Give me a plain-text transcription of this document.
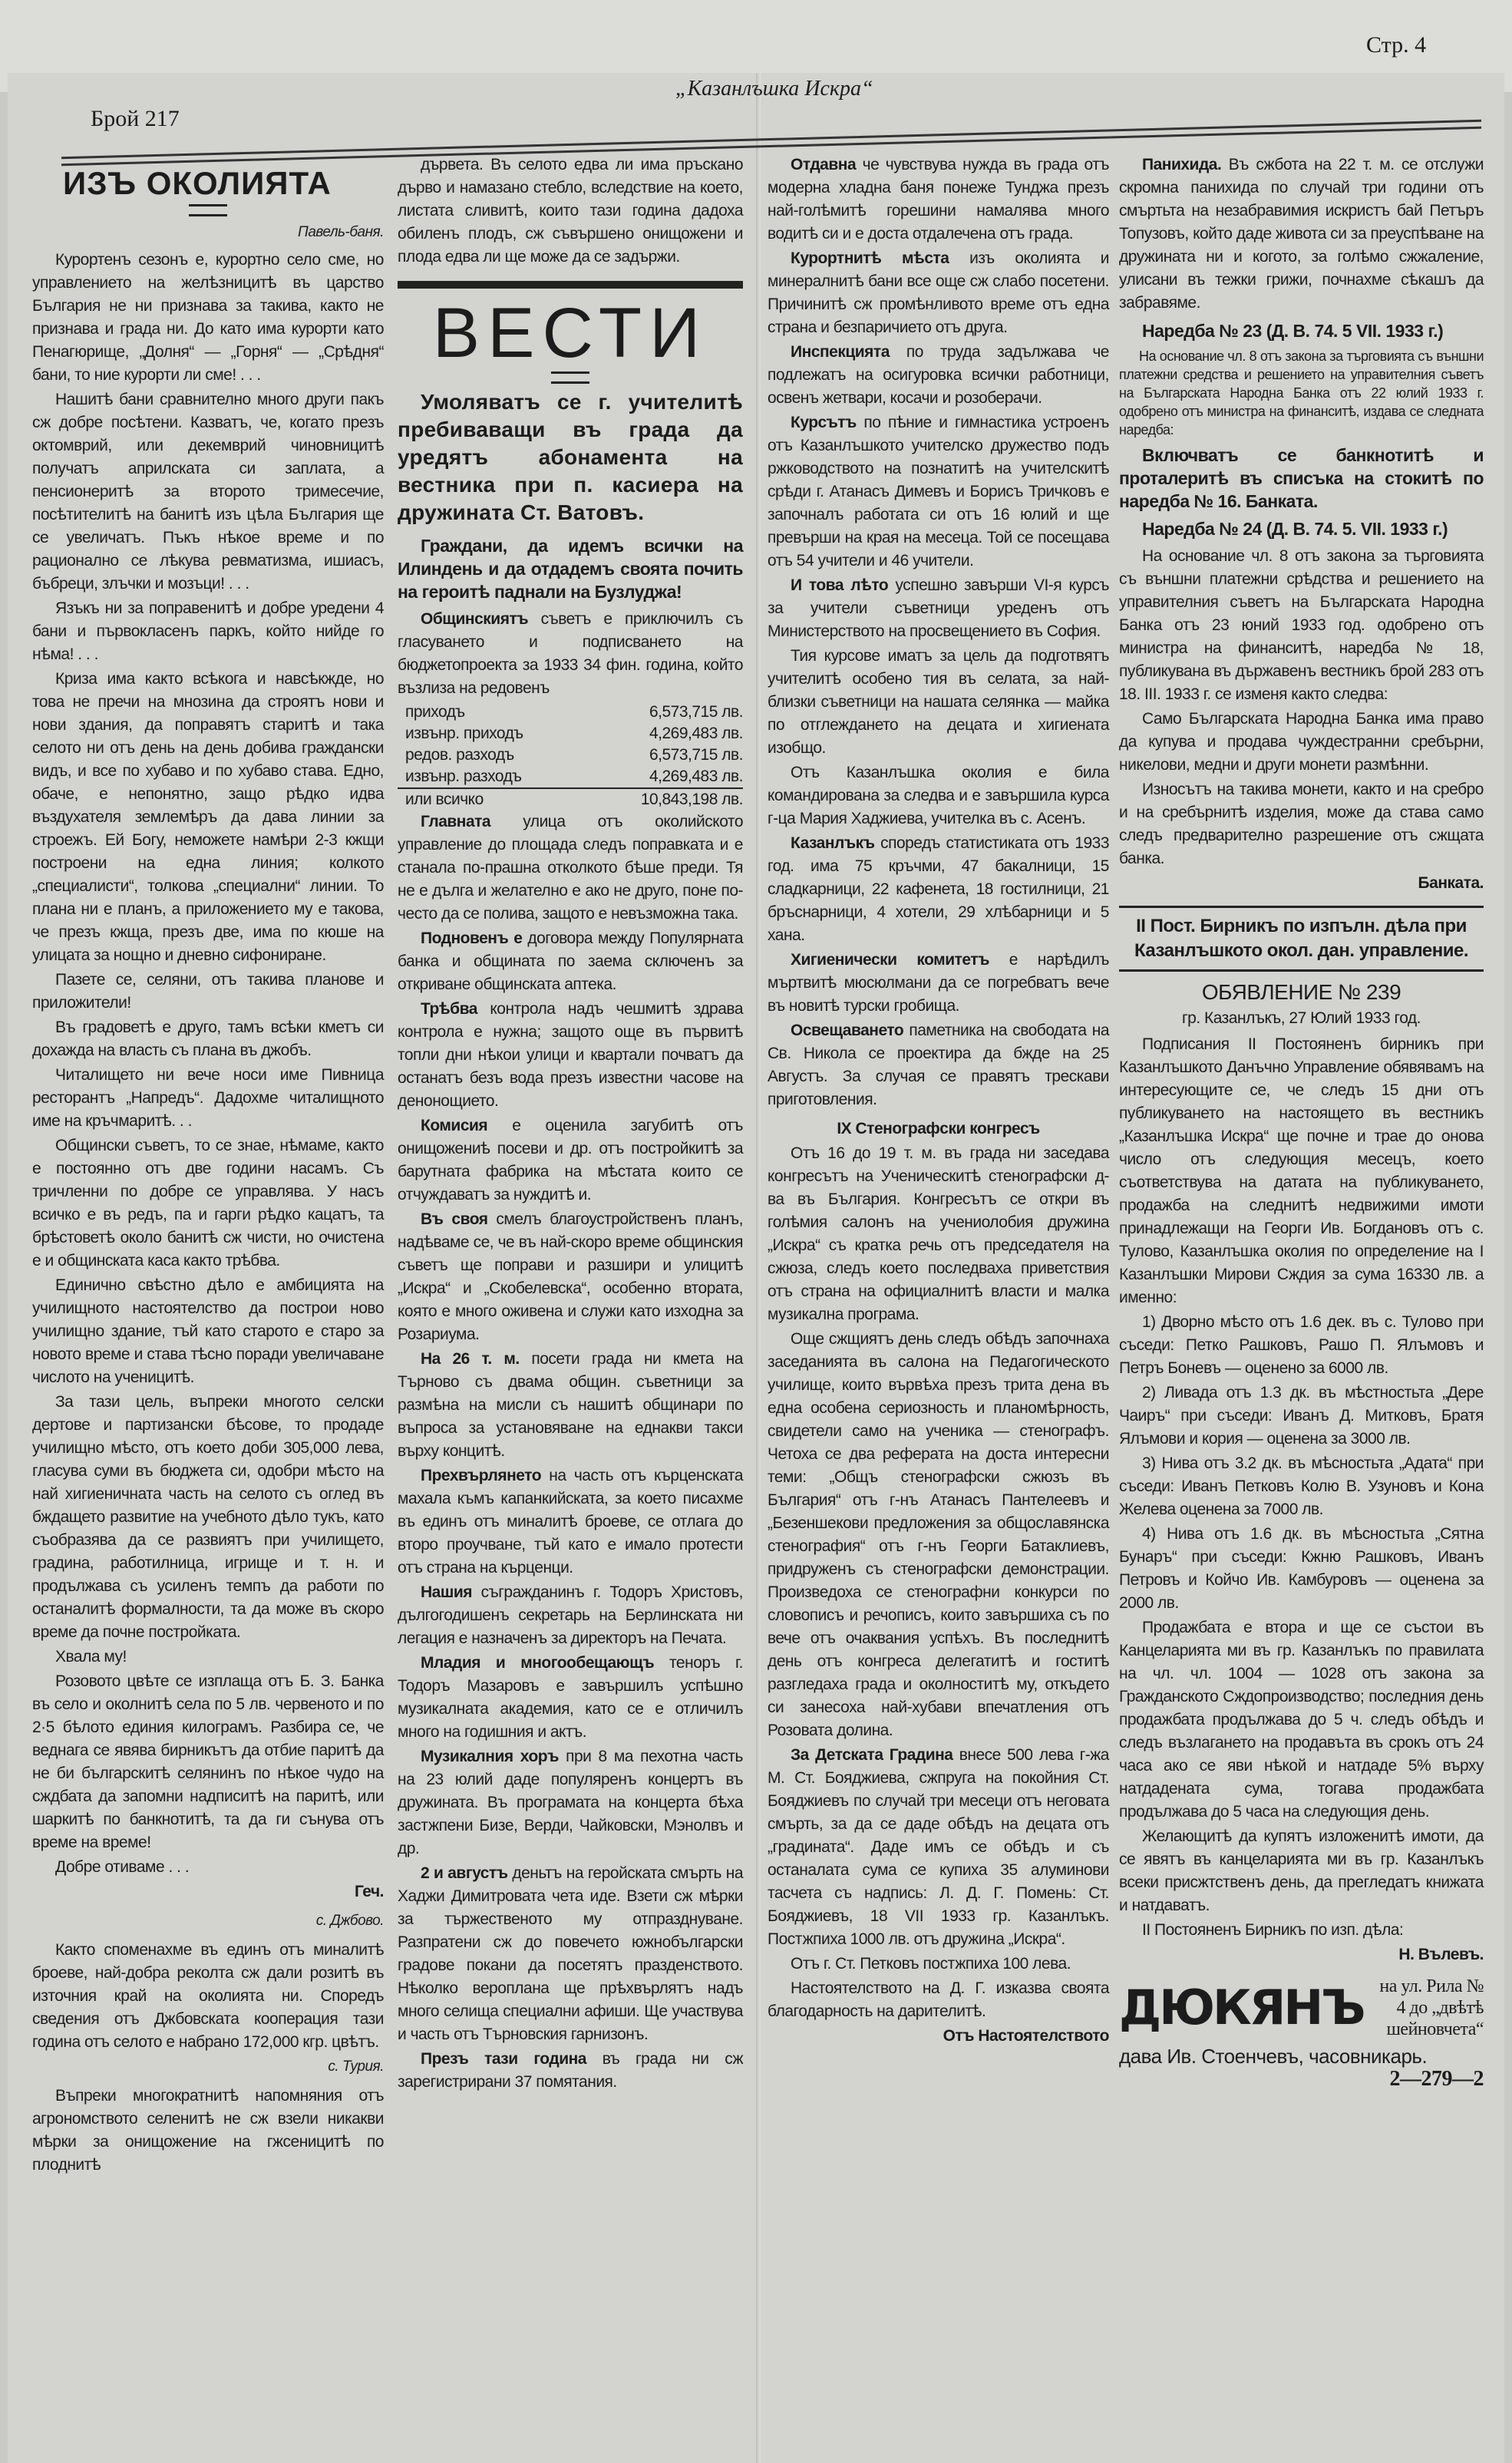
Брой 217
„Казанлъшка Искра“
Стр. 4
ИЗЪ ОКОЛИЯТА
Павель-баня.
Курортенъ сезонъ е, курортно село сме, но управлението на желѣзницитѣ въ царство България не ни признава за такива, както не признава и града ни. До като има курорти като Пенагюрище, „Долня“ — „Горня“ — „Срѣдня“ бани, то ние курорти ли сме! . . .
Нашитѣ бани сравнително много други пакъ сж добре посѣтени. Казватъ, че, когато презъ октомврий, или декемврий чиновницитѣ получатъ априлската си заплата, а пенсионеритѣ за второто тримесечие, посѣтителитѣ на банитѣ изъ цѣла България ще се увеличатъ. Пъкъ нѣкое време и по рационално се лѣкува ревматизма, ишиасъ, бъбреци, злъчки и мозъци! . . .
Язъкъ ни за поправенитѣ и добре уредени 4 бани и първокласенъ паркъ, който нийде го нѣма! . . .
Криза има както всѣкога и навсѣкжде, но това не пречи на мнозина да строятъ нови и нови здания, да поправятъ старитѣ и така селото ни отъ день на день добива граждански видъ, и все по хубаво и по хубаво става. Едно, обаче, е непонятно, защо рѣдко идва въздухателя землемѣръ да дава линии за строежъ. Ей Богу, неможете намѣри 2-3 кжщи построени на една линия; колкото „специалисти“, толкова „специални“ линии. То плана ни е планъ, а приложението му е такова, че презъ кжща, презъ две, има по кюше на улицата за нощно и дневно сифониране.
Пазете се, селяни, отъ такива планове и приложители!
Въ градоветѣ е друго, тамъ всѣки кметъ си дохажда на власть съ плана въ джобъ.
Читалището ни вече носи име Пивница ресторантъ „Напредъ“. Дадохме читалищното име на кръчмаритѣ. . .
Общински съветъ, то се знае, нѣмаме, както е постоянно отъ две години насамъ. Съ тричленни по добре се управлява. У насъ всичко е въ редъ, па и гарги рѣдко кацатъ, та брѣстоветѣ около банитѣ сж чисти, но очистена е и общинската каса както трѣбва.
Единично свѣстно дѣло е амбицията на училищното настоятелство да построи ново училищно здание, тъй като старото е старо за новото време и става тѣсно поради увеличаване числото на ученицитѣ.
За тази цель, въпреки многото селски дертове и партизански бѣсове, то продаде училищно мѣсто, отъ което доби 305,000 лева, гласува суми въ бюджета си, одобри мѣсто на най хигиеничната часть на селото съ оглед въ бждащето развитие на учебното дѣло тукъ, като съобразява да се развиятъ при училището, градина, работилница, игрище и т. н. и продължава съ усиленъ темпъ да работи по останалитѣ формалности, та да може въ скоро време да почне постройката.
Хвала му!
Розовото цвѣте се изплаща отъ Б. З. Банка въ село и околнитѣ села по 5 лв. червеното и по 2·5 бѣлото единия килограмъ. Разбира се, че веднага се явява бирникътъ да отбие паритѣ да не би българскитѣ селянинъ по нѣкое чудо на сждбата да запомни надписитѣ на паритѣ, или шаркитѣ по банкнотитѣ, та да ги сънува отъ време на време!
Добре отиваме . . .
Геч.
с. Джбово.
Както споменахме въ единъ отъ миналитѣ броеве, най-добра реколта сж дали розитѣ въ източния край на околията ни. Споредъ сведения отъ Джбовската кооперация тази година отъ селото е набрано 172,000 кгр. цвѣтъ.
с. Турия.
Въпреки многократнитѣ напомняния отъ агрономството селенитѣ не сж взели никакви мѣрки за онищожение на гжсеницитѣ по плоднитѣ
дървета. Въ селото едва ли има пръскано дърво и намазано стебло, вследствие на което, листата сливитѣ, които тази година дадоха обиленъ плодъ, сж съвършено онищожени и плода едва ли ще може да се задържи.
ВЕСТИ
Умоляватъ се г. учителитѣ пребиваващи въ града да уредятъ абонамента на вестника при п. касиера на дружината Ст. Ватовъ.
Граждани, да идемъ всички на Илиндень и да отдадемъ своята почить на героитѣ паднали на Бузлуджа!
Общинскиятъ съветъ е приключилъ съ гласуването и подписването на бюджетопроекта за 1933 34 фин. година, който възлиза на редовенъ
приходъ	6,573,715 лв.
извънр. приходъ	4,269,483 лв.
редов. разходъ	6,573,715 лв.
извънр. разходъ	4,269,483 лв.
или всичко	10,843,198 лв.
Главната улица отъ околийското управление до площада следъ поправката и е станала по-прашна отколкото бѣше преди. Тя не е дълга и желателно е ако не друго, поне по-често да се полива, защото е невъзможна така.
Подновенъ е договора между Популярната банка и общината по заема сключенъ за откриване общинската аптека.
Трѣбва контрола надъ чешмитѣ здрава контрола е нужна; защото още въ първитѣ топли дни нѣкои улици и квартали почватъ да останатъ безъ вода презъ известни часове на денонощието.
Комисия е оценила загубитѣ отъ онищожениѣ посеви и др. отъ постройкитѣ за барутната фабрика на мѣстата които се отчуждаватъ за нуждитѣ и.
Въ своя смелъ благоустройственъ планъ, надѣваме се, че въ най-скоро време общинския съветъ ще поправи и разшири и улицитѣ „Искра“ и „Скобелевска“, особенно втората, която е много оживена и служи като изходна за Розариума.
На 26 т. м. посети града ни кмета на Търново съ двама общин. съветници за размѣна на мисли съ нашитѣ общинари по въпроса за установяване на еднакви такси върху концитѣ.
Прехвърлянето на часть отъ кърценската махала къмъ капанкийската, за което писахме въ единъ отъ миналитѣ броеве, се отлага до второ проучване, тъй като е имало протести отъ страна на кърценци.
Нашия съгражданинъ г. Тодоръ Христовъ, дългогодишенъ секретарь на Берлинската ни легация е назначенъ за директоръ на Печата.
Младия и многообещающъ теноръ г. Тодоръ Мазаровъ е завършилъ успѣшно музикалната академия, като се е отличилъ много на годишния и актъ.
Музикалния хоръ при 8 ма пехотна часть на 23 юлий даде популяренъ концертъ въ дружината. Въ програмата на концерта бѣха застжпени Бизе, Верди, Чайковски, Мэнолвъ и др.
2 и августъ деньтъ на геройската смърть на Хаджи Димитровата чета иде. Взети сж мѣрки за тържественото му отпразднуване. Разпратени сж до повечето южнобългарски градове покани да посетятъ празденството. Нѣколко вероплана ще прѣхвърлятъ надъ много селища специални афиши. Ще участвува и часть отъ Търновския гарнизонъ.
Презъ тази година въ града ни сж зарегистрирани 37 помятания.
Отдавна че чувствува нужда въ града отъ модерна хладна баня понеже Тунджа презъ най-голѣмитѣ горешини намалява много водитѣ си и е доста отдалечена отъ града.
Курортнитѣ мѣста изъ околията и минералнитѣ бани все още сж слабо посетени. Причинитѣ сж промѣнливото време отъ една страна и безпаричието отъ друга.
Инспекцията по труда задължава че подлежатъ на осигуровка всички работници, освенъ жетвари, косачи и розоберачи.
Курсътъ по пѣние и гимнастика устроенъ отъ Казанлъшкото учителско дружество подъ ржководството на познатитѣ на учителскитѣ срѣди г. Атанасъ Димевъ и Борисъ Тричковъ е започналъ работата си отъ 16 юлий и ще превърши на края на месеца. Той се посещава отъ 54 учители и 46 учители.
И това лѣто успешно завърши VI-я курсъ за учители съветници уреденъ отъ Министерството на просвещението въ София.
Тия курсове иматъ за цель да подготвятъ учителитѣ особено тия въ селата, за най-близки съветници на нашата селянка — майка по отглеждането на децата и хигиената изобщо.
Отъ Казанлъшка околия е била командирована за следва и е завършила курса г-ца Мария Хаджиева, учителка въ с. Асенъ.
Казанлъкъ споредъ статистиката отъ 1933 год. има 75 кръчми, 47 бакалници, 15 сладкарници, 22 кафенета, 18 гостилници, 21 бръснарници, 4 хотели, 29 хлѣбарници и 5 хана.
Хигиенически комитетъ е нарѣдилъ мъртвитѣ мюсюлмани да се погребватъ вече въ новитѣ турски гробища.
Освещаването паметника на свободата на Св. Никола се проектира да бжде на 25 Августъ. За случая се правятъ трескави приготовления.
IX Стенографски конгресъ
Отъ 16 до 19 т. м. въ града ни заседава конгресътъ на Ученическитѣ стенографски д-ва въ България. Конгресътъ се откри въ голѣмия салонъ на учениолобия дружина „Искра“ съ кратка речь отъ председателя на сжюза, следъ което последваха приветствия отъ страна на официалнитѣ власти и малка музикална програма.
Още сжщиятъ день следъ обѣдъ започнаха заседанията въ салона на Педагогическото училище, които вървѣха презъ трита дена въ една особена сериозность и планомѣрность, свидетели само на ученика — стенографъ. Четоха се два реферата на доста интересни теми: „Общъ стенографски сжюзъ въ България“ отъ г-нъ Атанасъ Пантелеевъ и „Безеншекови предложения за общославянска стенография“ отъ г-нъ Георги Батаклиевъ, придруженъ съ стенографски демонстрации. Произведоха се стенографни конкурси по словописъ и речописъ, които завършиха съ по вече отъ очаквания успѣхъ. Въ последнитѣ день отъ конгреса делегатитѣ и гоститѣ разгледаха града и околноститѣ му, откъдето си занесоха най-хубави впечатления отъ Розовата долина.
За Детската Градина внесе 500 лева г-жа М. Ст. Бояджиева, сжпруга на покойния Ст. Бояджиевъ по случай три месеци отъ неговата смърть, за да се даде обѣдъ на децата отъ „градината“. Даде имъ се обѣдъ и съ останалата сума се купиха 35 алуминови тасчета съ надпись: Л. Д. Г. Помень: Ст. Бояджиевъ, 18 VII 1933 гр. Казанлъкъ. Постжпиха 1000 лв. отъ дружина „Искра“.
Отъ г. Ст. Петковъ постжпиха 100 лева.
Настоятелството на Д. Г. изказва своята благодарность на дарителитѣ.
Отъ Настоятелството
Панихида. Въ сжбота на 22 т. м. се отслужи скромна панихида по случай три години отъ смъртьта на незабравимия искристъ бай Петъръ Топузовъ, който даде живота си за преуспѣване на дружината ни и когото, за голѣмо сжжаление, улисани въ тежки грижи, почнахме сѣкашъ да забравяме.
Наредба № 23 (Д. В. 74. 5 VII. 1933 г.)
На основание чл. 8 отъ закона за търговията съ външни платежни средства и решението на управителния съветъ на Българската Народна Банка отъ 22 юлий 1933 г. одобрено отъ министра на финанситѣ, издава се следната наредба:
Включватъ се банкнотитѣ и проталеритѣ въ списъка на стокитѣ по наредба № 16. Банката.
Наредба № 24 (Д. В. 74. 5. VII. 1933 г.)
На основание чл. 8 отъ закона за търговията съ външни платежни срѣдства и решението на управителния съветъ на Българската Народна Банка отъ 23 юний 1933 год. одобрено отъ министра на финанситѣ, наредба № 18, публикувана въ държавенъ вестникъ брой 283 отъ 18. III. 1933 г. се изменя както следва:
Само Българската Народна Банка има право да купува и продава чуждестранни сребърни, никелови, медни и други монети размѣнни.
Износътъ на такива монети, както и на сребро и на сребърнитѣ изделия, може да става само следъ предварително разрешение отъ сжщата банка.
Банката.
II Пост. Бирникъ по изпълн. дѣла при Казанлъшкото окол. дан. управление.
ОБЯВЛЕНИЕ № 239
гр. Казанлъкъ, 27 Юлий 1933 год.
Подписания II Постояненъ бирникъ при Казанлъшкото Данъчно Управление обявявамъ на интересующите се, че следъ 15 дни отъ публикуването на настоящето въ вестникъ „Казанлъшка Искра“ ще почне и трае до онова число отъ следующия месецъ, което съответствува на датата на публикуването, продажба на следнитѣ недвижими имоти принадлежащи на Георги Ив. Богдановъ отъ с. Тулово, Казанлъшка околия по определение на I Казанлъшки Мирови Сждия за сума 16330 лв. а именно:
1) Дворно мѣсто отъ 1.6 дек. въ с. Тулово при съседи: Петко Рашковъ, Рашо П. Ялъмовъ и Петръ Боневъ — оценено за 6000 лв.
2) Ливада отъ 1.3 дк. въ мѣстностьта „Дере Чаиръ“ при съседи: Иванъ Д. Митковъ, Братя Ялъмови и кория — оценена за 3000 лв.
3) Нива отъ 3.2 дк. въ мѣсностьта „Адата“ при съседи: Иванъ Петковъ Колю В. Узуновъ и Кона Желева оценена за 7000 лв.
4) Нива отъ 1.6 дк. въ мѣсностьта „Сятна Бунаръ“ при съседи: Кжню Рашковъ, Иванъ Петровъ и Койчо Ив. Камбуровъ — оценена за 2000 лв.
Продажбата е втора и ще се състои въ Канцеларията ми въ гр. Казанлъкъ по правилата на чл. чл. 1004 — 1028 отъ закона за Гражданското Сждопроизводство; последния день продажбата продължава до 5 ч. следъ обѣдъ и следъ възлагането на продавъта въ срокъ отъ 24 часа ако се яви нѣкой и натдаде 5% върху натдадената сума, тогава продажбата продължава до 5 часа на следующия день.
Желающитѣ да купятъ изложенитѣ имоти, да се явятъ въ канцеларията ми въ гр. Казанлъкъ всеки присжтственъ день, да прегледатъ книжата и натдаватъ.
II Постояненъ Бирникъ по изп. дѣла:
Н. Вълевъ.
ДЮКЯНЪ на ул. Рила № 4 до „двѣтѣ шейновчета“
дава Ив. Стоенчевъ, часовникарь.
2—279—2
